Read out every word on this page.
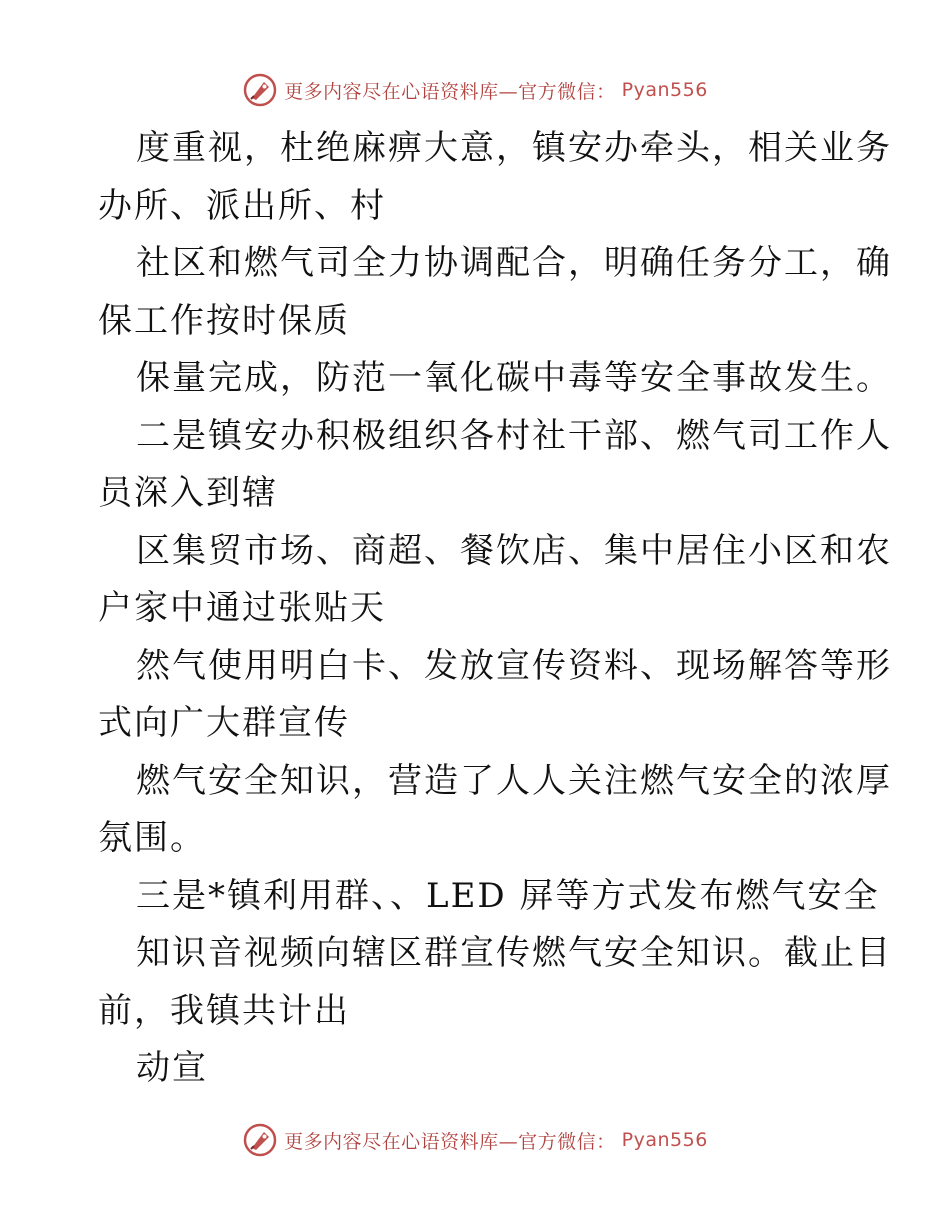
更多内容尽在心语资料库—官方微信： Pyan556
度重视，杜绝麻痹大意，镇安办牵头，相关业务
办所、派出所、村
社区和燃气司全力协调配合，明确任务分工，确
保工作按时保质
保量完成，防范一氧化碳中毒等安全事故发生。
二是镇安办积极组织各村社干部、燃气司工作人
员深入到辖
区集贸市场、商超、餐饮店、集中居住小区和农
户家中通过张贴天
然气使用明白卡、发放宣传资料、现场解答等形
式向广大群宣传
燃气安全知识，营造了人人关注燃气安全的浓厚
氛围。
三是*镇利用群、、LED 屏等方式发布燃气安全
知识音视频向辖区群宣传燃气安全知识。截止目
前，我镇共计出
动宣
更多内容尽在心语资料库—官方微信： Pyan556
